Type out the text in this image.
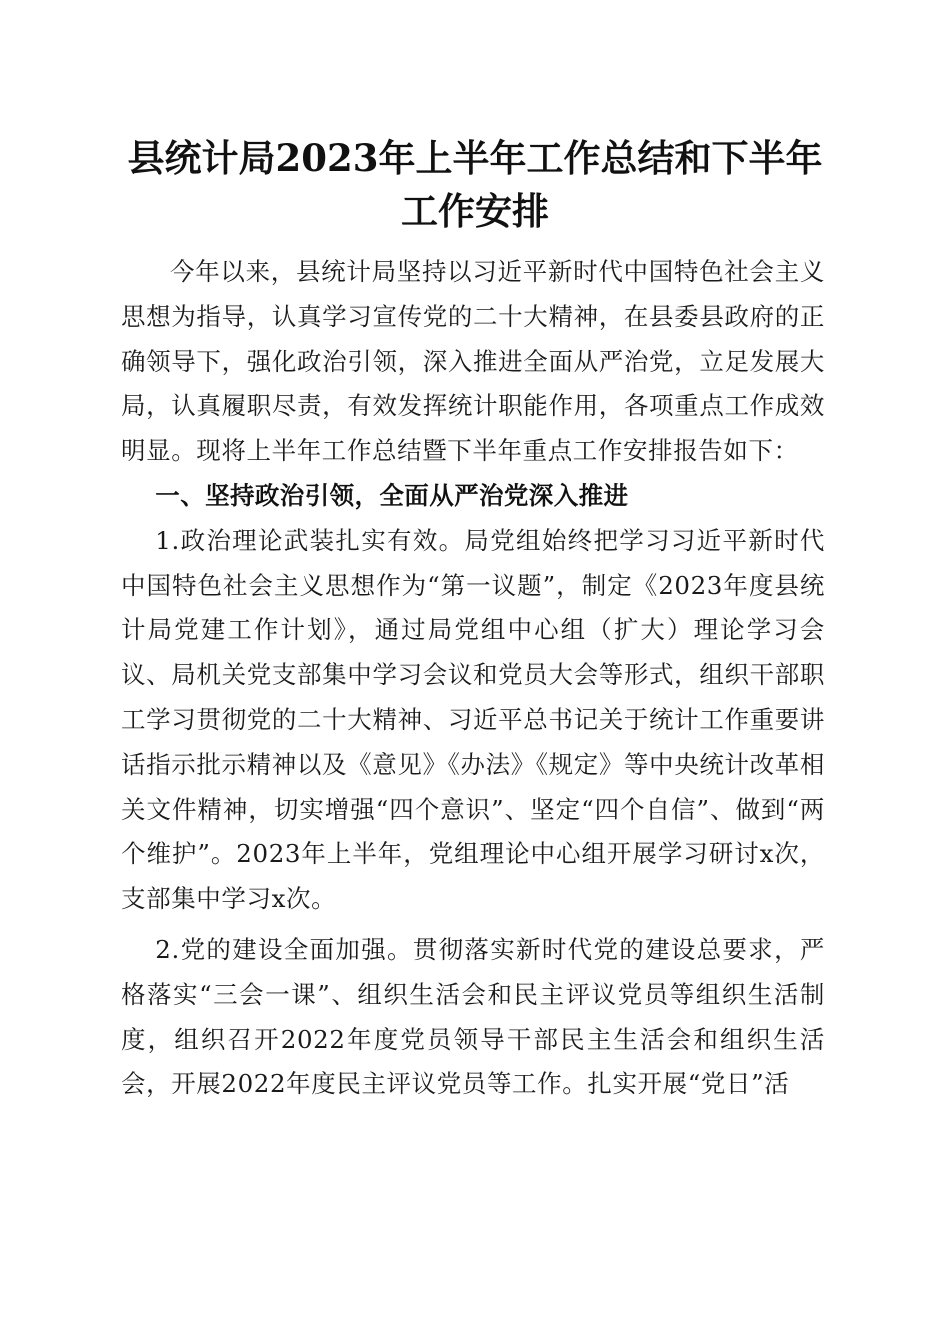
县统计局2023年上半年工作总结和下半年工作安排

今年以来，县统计局坚持以习近平新时代中国特色社会主义思想为指导，认真学习宣传党的二十大精神，在县委县政府的正确领导下，强化政治引领，深入推进全面从严治党，立足发展大局，认真履职尽责，有效发挥统计职能作用，各项重点工作成效明显。现将上半年工作总结暨下半年重点工作安排报告如下：

一、坚持政治引领，全面从严治党深入推进

1.政治理论武装扎实有效。局党组始终把学习习近平新时代中国特色社会主义思想作为“第一议题”，制定《2023年度县统计局党建工作计划》，通过局党组中心组（扩大）理论学习会议、局机关党支部集中学习会议和党员大会等形式，组织干部职工学习贯彻党的二十大精神、习近平总书记关于统计工作重要讲话指示批示精神以及《意见》《办法》《规定》等中央统计改革相关文件精神，切实增强“四个意识”、坚定“四个自信”、做到“两个维护”。2023年上半年，党组理论中心组开展学习研讨x次，支部集中学习x次。

2.党的建设全面加强。贯彻落实新时代党的建设总要求，严格落实“三会一课”、组织生活会和民主评议党员等组织生活制度，组织召开2022年度党员领导干部民主生活会和组织生活会，开展2022年度民主评议党员等工作。扎实开展“党日”活
